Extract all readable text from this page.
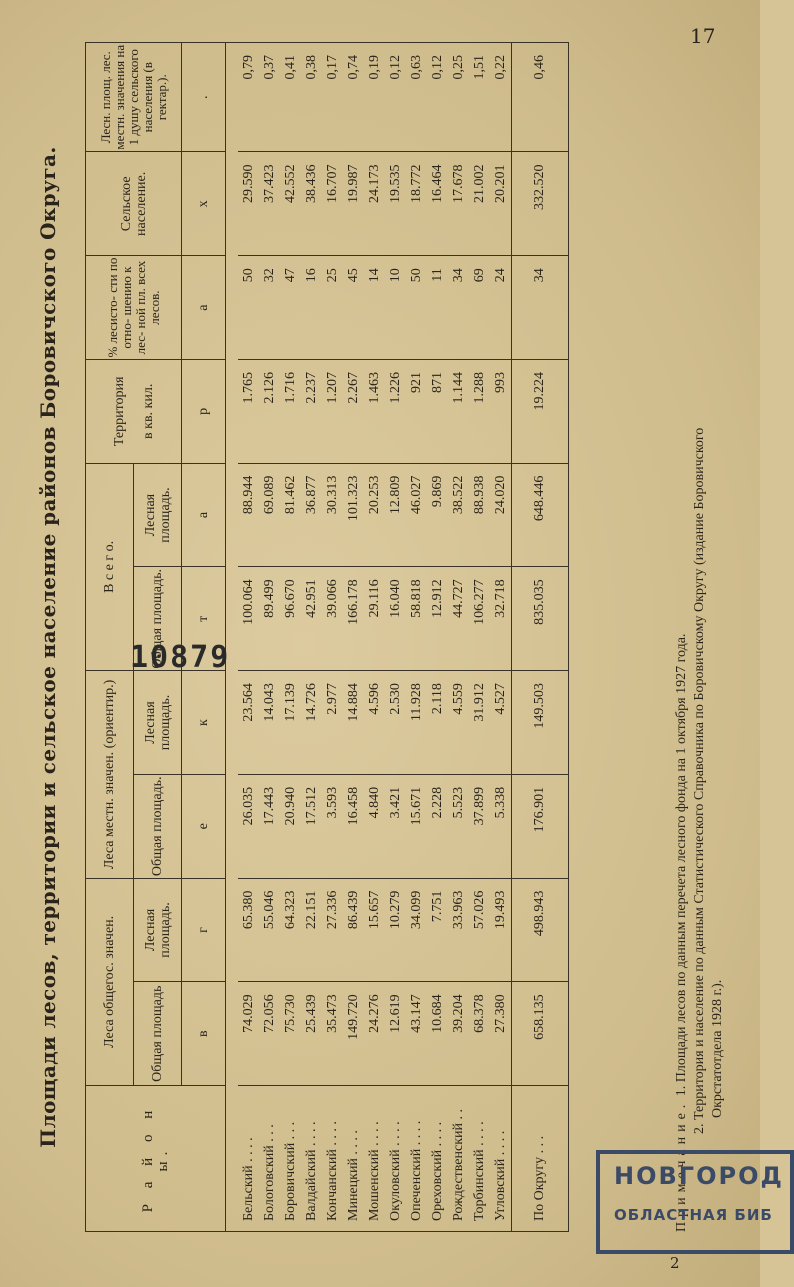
17
2
Площади лесов, территории и сельское население районов Боровичского Округа.
Р а й о н ы.	Леса общегос. значен.		Леса местн. значен. (ориентир.)		В с е г о.		Территория в кв. кил.	% лесисто- сти по отно- шению к лес- ной пл. всех лесов.	Сельское население.	Лесн. площ. лес. местн. значения на 1 душу сельского населения (в гектар.).
	Общая площадь	Лесная площадь.	Общая площадь.	Лесная площадь.	Общая площадь.	Лесная площадь.				
	в	г	е	к	т	а	р	а	х	.

Бельский . . . .	74.029	65.380	26.035	23.564	100.064	88.944	1.765	50	29.590	0,79
Бологовский . . .	72.056	55.046	17.443	14.043	89.499	69.089	2.126	32	37.423	0,37
Боровичский . . .	75.730	64.323	20.940	17.139	96.670	81.462	1.716	47	42.552	0,41
Валдайский . . . .	25.439	22.151	17.512	14.726	42.951	36.877	2.237	16	38.436	0,38
Кончанский . . . .	35.473	27.336	3.593	2.977	39.066	30.313	1.207	25	16.707	0,17
Минецкий . . . .	149.720	86.439	16.458	14.884	166.178	101.323	2.267	45	19.987	0,74
Мошенский . . . .	24.276	15.657	4.840	4.596	29.116	20.253	1.463	14	24.173	0,19
Окуловский . . . .	12.619	10.279	3.421	2.530	16.040	12.809	1.226	10	19.535	0,12
Опеченский . . . .	43.147	34.099	15.671	11.928	58.818	46.027	921	50	18.772	0,63
Ореховский . . . .	10.684	7.751	2.228	2.118	12.912	9.869	871	11	16.464	0,12
Рождественский . .	39.204	33.963	5.523	4.559	44.727	38.522	1.144	34	17.678	0,25
Торбинский . . . .	68.378	57.026	37.899	31.912	106.277	88.938	1.288	69	21.002	1,51
Угловский . . . .	27.380	19.493	5.338	4.527	32.718	24.020	993	24	20.201	0,22
По Округу . . .	658.135	498.943	176.901	149.503	835.035	648.446	19.224	34	332.520	0,46
Примечание. 1. Площади лесов по данным перечета лесного фонда на 1 октября 1927 года. 2. Территория и население по данным Статистического Справочника по Боровичскому Округу (издание Боровичского Окрстатотдела 1928 г.).
10879
НОВГОРОД
ОБЛАСТНАЯ БИБ
